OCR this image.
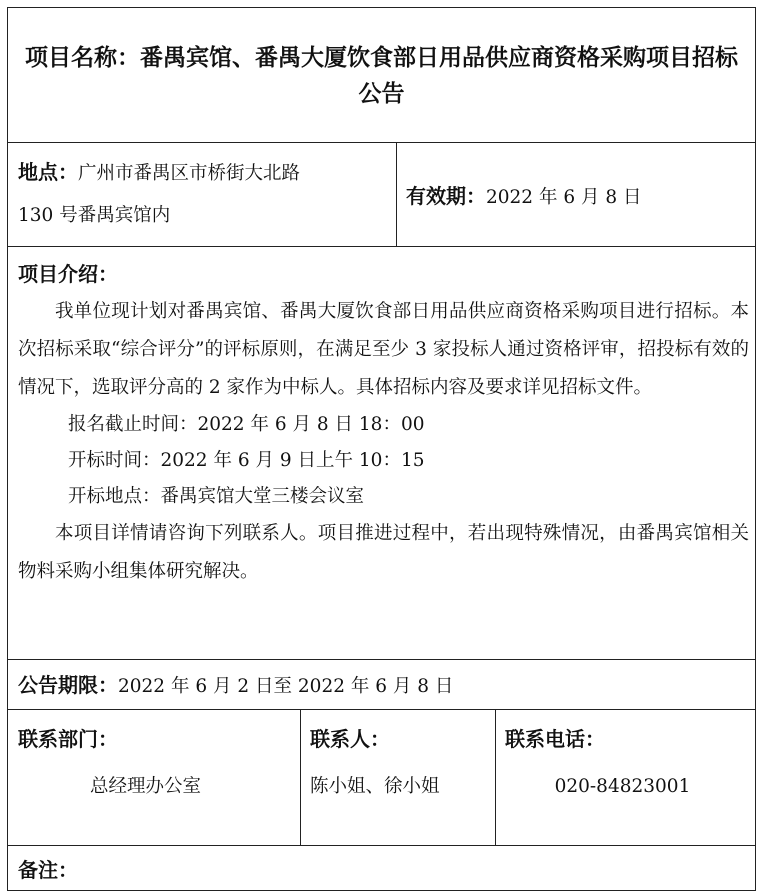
项目名称：番禺宾馆、番禺大厦饮食部日用品供应商资格采购项目招标公告
地点：广州市番禺区市桥街大北路
130 号番禺宾馆内
有效期：2022 年 6 月 8 日
项目介绍：

我单位现计划对番禺宾馆、番禺大厦饮食部日用品供应商资格采购项目进行招标。本次招标采取“综合评分”的评标原则，在满足至少 3 家投标人通过资格评审，招投标有效的情况下，选取评分高的 2 家作为中标人。具体招标内容及要求详见招标文件。

报名截止时间：2022 年 6 月 8 日 18：00

开标时间：2022 年 6 月 9 日上午 10：15

开标地点：番禺宾馆大堂三楼会议室

本项目详情请咨询下列联系人。项目推进过程中，若出现特殊情况，由番禺宾馆相关物料采购小组集体研究解决。

公告期限：2022 年 6 月 2 日至 2022 年 6 月 8 日
联系部门：
总经理办公室
联系人：
陈小姐、徐小姐
联系电话：
020-84823001
备注：
